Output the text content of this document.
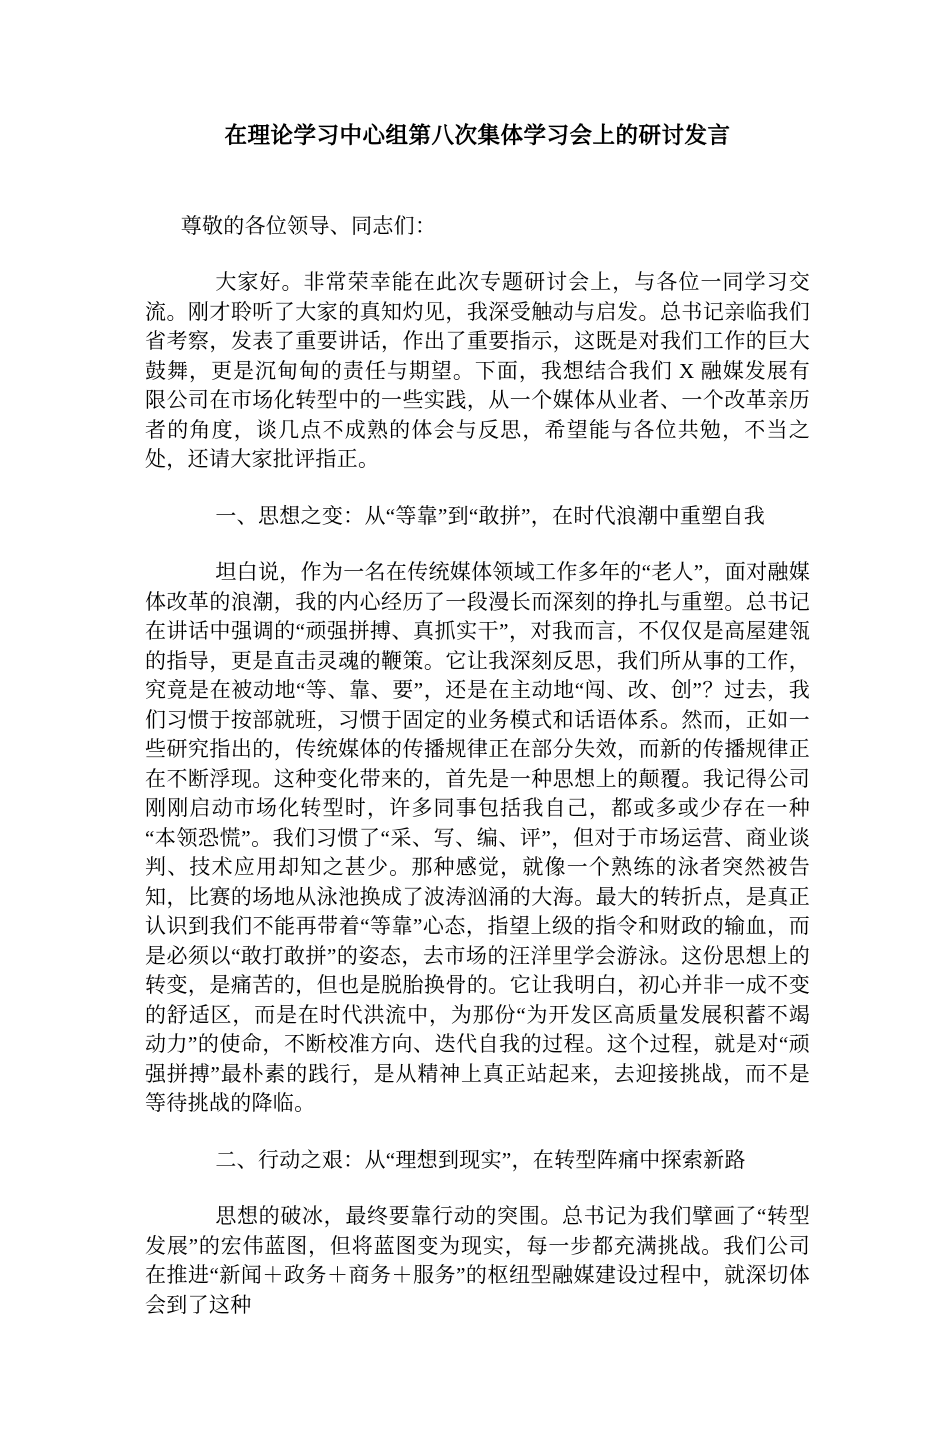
在理论学习中心组第八次集体学习会上的研讨发言

尊敬的各位领导、同志们：

大家好。非常荣幸能在此次专题研讨会上，与各位一同学习交流。刚才聆听了大家的真知灼见，我深受触动与启发。总书记亲临我们省考察，发表了重要讲话，作出了重要指示，这既是对我们工作的巨大鼓舞，更是沉甸甸的责任与期望。下面，我想结合我们 X 融媒发展有限公司在市场化转型中的一些实践，从一个媒体从业者、一个改革亲历者的角度，谈几点不成熟的体会与反思，希望能与各位共勉，不当之处，还请大家批评指正。

一、思想之变：从“等靠”到“敢拼”，在时代浪潮中重塑自我

坦白说，作为一名在传统媒体领域工作多年的“老人”，面对融媒体改革的浪潮，我的内心经历了一段漫长而深刻的挣扎与重塑。总书记在讲话中强调的“顽强拼搏、真抓实干”，对我而言，不仅仅是高屋建瓴的指导，更是直击灵魂的鞭策。它让我深刻反思，我们所从事的工作，究竟是在被动地“等、靠、要”，还是在主动地“闯、改、创”？过去，我们习惯于按部就班，习惯于固定的业务模式和话语体系。然而，正如一些研究指出的，传统媒体的传播规律正在部分失效，而新的传播规律正在不断浮现。这种变化带来的，首先是一种思想上的颠覆。我记得公司刚刚启动市场化转型时，许多同事包括我自己，都或多或少存在一种“本领恐慌”。我们习惯了“采、写、编、评”，但对于市场运营、商业谈判、技术应用却知之甚少。那种感觉，就像一个熟练的泳者突然被告知，比赛的场地从泳池换成了波涛汹涌的大海。最大的转折点，是真正认识到我们不能再带着“等靠”心态，指望上级的指令和财政的输血，而是必须以“敢打敢拼”的姿态，去市场的汪洋里学会游泳。这份思想上的转变，是痛苦的，但也是脱胎换骨的。它让我明白，初心并非一成不变的舒适区，而是在时代洪流中，为那份“为开发区高质量发展积蓄不竭动力”的使命，不断校准方向、迭代自我的过程。这个过程，就是对“顽强拼搏”最朴素的践行，是从精神上真正站起来，去迎接挑战，而不是等待挑战的降临。

二、行动之艰：从“理想到现实”，在转型阵痛中探索新路

思想的破冰，最终要靠行动的突围。总书记为我们擘画了“转型发展”的宏伟蓝图，但将蓝图变为现实，每一步都充满挑战。我们公司在推进“新闻＋政务＋商务＋服务”的枢纽型融媒建设过程中，就深切体会到了这种
